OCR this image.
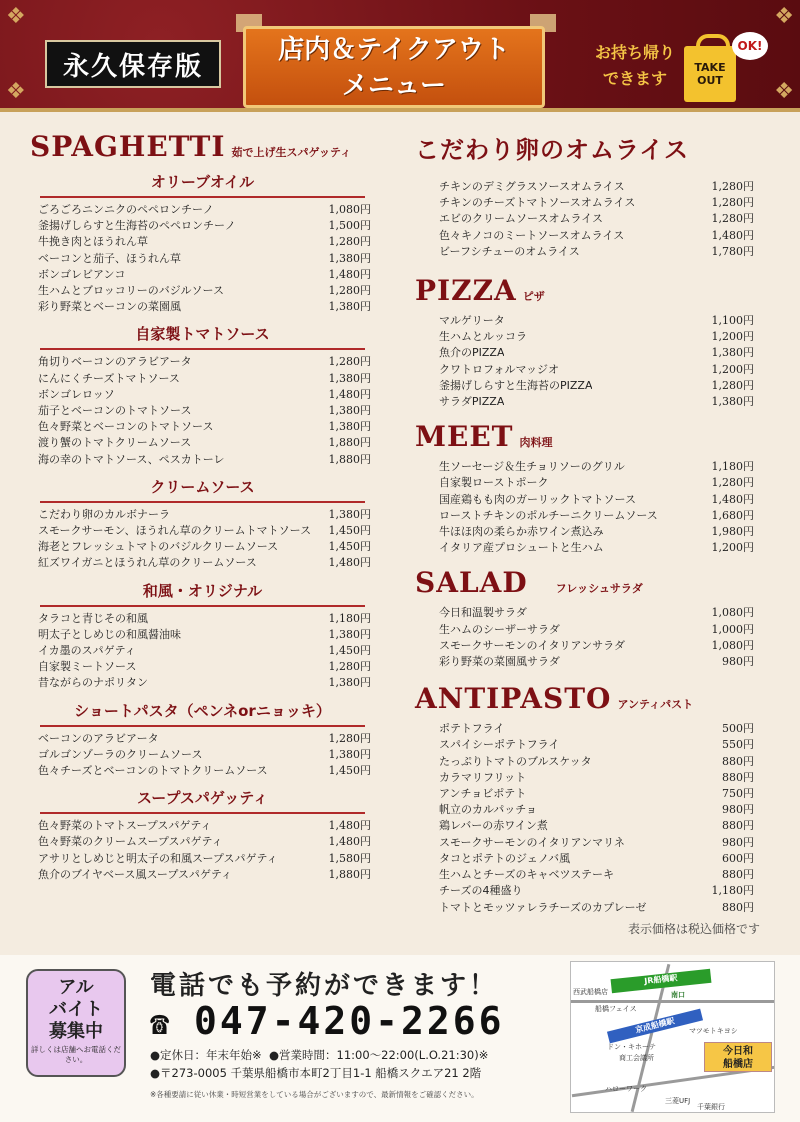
❖	❖
❖	❖
永久保存版
店内＆テイクアウト
メニュー
お持ち帰り
できます
TAKE
OUT
OK!
SPAGHETTI 茹で上げ生スパゲッティ
オリーブオイル
ごろごろニンニクのペペロンチーノ	1,080円
釜揚げしらすと生海苔のペペロンチーノ	1,500円
牛挽き肉とほうれん草	1,280円
ベーコンと茄子、ほうれん草	1,380円
ボンゴレビアンコ	1,480円
生ハムとブロッコリーのバジルソース	1,280円
彩り野菜とベーコンの菜園風	1,380円
自家製トマトソース
角切りベーコンのアラビアータ	1,280円
にんにくチーズトマトソース	1,380円
ボンゴレロッソ	1,480円
茄子とベーコンのトマトソース	1,380円
色々野菜とベーコンのトマトソース	1,380円
渡り蟹のトマトクリームソース	1,880円
海の幸のトマトソース、ペスカトーレ	1,880円
クリームソース
こだわり卵のカルボナーラ	1,380円
スモークサーモン、ほうれん草のクリームトマトソース	1,450円
海老とフレッシュトマトのバジルクリームソース	1,450円
紅ズワイガニとほうれん草のクリームソース	1,480円
和風・オリジナル
タラコと青じその和風	1,180円
明太子としめじの和風醤油味	1,380円
イカ墨のスパゲティ	1,450円
自家製ミートソース	1,280円
昔ながらのナポリタン	1,380円
ショートパスタ（ペンネorニョッキ）
ベーコンのアラビアータ	1,280円
ゴルゴンゾーラのクリームソース	1,380円
色々チーズとベーコンのトマトクリームソース	1,450円
スープスパゲッティ
色々野菜のトマトスープスパゲティ	1,480円
色々野菜のクリームスープスパゲティ	1,480円
アサリとしめじと明太子の和風スープスパゲティ	1,580円
魚介のブイヤベース風スープスパゲティ	1,880円
こだわり卵のオムライス
チキンのデミグラスソースオムライス	1,280円
チキンのチーズトマトソースオムライス	1,280円
エビのクリームソースオムライス	1,280円
色々キノコのミートソースオムライス	1,480円
ビーフシチューのオムライス	1,780円
PIZZA ピザ
マルゲリータ	1,100円
生ハムとルッコラ	1,200円
魚介のPIZZA	1,380円
クワトロフォルマッジオ	1,200円
釜揚げしらすと生海苔のPIZZA	1,280円
サラダPIZZA	1,380円
MEET 肉料理
生ソーセージ＆生チョリソーのグリル	1,180円
自家製ローストポーク	1,280円
国産鶏もも肉のガーリックトマトソース	1,480円
ローストチキンのポルチーニクリームソース	1,680円
牛ほほ肉の柔らか赤ワイン煮込み	1,980円
イタリア産プロシュートと生ハム	1,200円
SALAD	フレッシュサラダ
今日和温製サラダ	1,080円
生ハムのシーザーサラダ	1,000円
スモークサーモンのイタリアンサラダ	1,080円
彩り野菜の菜園風サラダ	980円
ANTIPASTO アンティパスト
ポテトフライ	500円
スパイシーポテトフライ	550円
たっぷりトマトのブルスケッタ	880円
カラマリフリット	880円
アンチョビポテト	750円
帆立のカルパッチョ	980円
鶏レバーの赤ワイン煮	880円
スモークサーモンのイタリアンマリネ	980円
タコとポテトのジェノバ風	600円
生ハムとチーズのキャベツステーキ	880円
チーズの4種盛り	1,180円
トマトとモッツァレラチーズのカプレーゼ	880円
表示価格は税込価格です
アル
バイト
募集中
詳しくは店舗へお電話ください。
電話でも予約ができます！
☎ 047-420-2266
●定休日：年末年始※ ●営業時間：11:00～22:00(L.O.21:30)※
●〒273-0005 千葉県船橋市本町2丁目1-1 船橋スクエア21 2階
※各種要請に従い休業・時短営業をしている場合がございますので、最新情報をご確認ください。
JR船橋駅
南口
京成船橋駅
西武船橋店
船橋フェイス
マツモトキヨシ
ドン・キホーテ
商工会議所
ハローワーク
三菱UFJ
千葉銀行
今日和
船橋店
